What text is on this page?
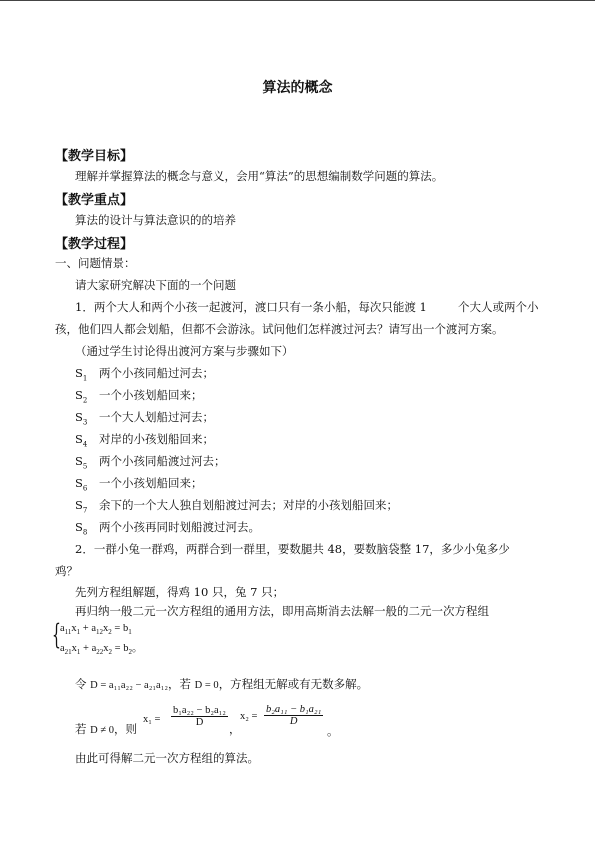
算法的概念
【教学目标】
理解并掌握算法的概念与意义，会用“算法”的思想编制数学问题的算法。
【教学重点】
算法的设计与算法意识的的培养
【教学过程】
一、问题情景：
请大家研究解决下面的一个问题
1．两个大人和两个小孩一起渡河，渡口只有一条小船，每次只能渡 1	个大人或两个小
孩，他们四人都会划船，但都不会游泳。试问他们怎样渡过河去？请写出一个渡河方案。
（通过学生讨论得出渡河方案与步骤如下）
$S_1$ 两个小孩同船过河去；
$S_2$ 一个小孩划船回来；
$S_3$ 一个大人划船过河去；
$S_4$ 对岸的小孩划船回来；
$S_5$ 两个小孩同船渡过河去；
$S_6$ 一个小孩划船回来；
$S_7$ 余下的一个大人独自划船渡过河去；对岸的小孩划船回来；
$S_8$ 两个小孩再同时划船渡过河去。
2．一群小兔一群鸡，两群合到一群里，要数腿共 48，要数脑袋整 17，多少小兔多少
鸡？
先列方程组解题，得鸡 10 只，兔 7 只；
再归纳一般二元一次方程组的通用方法，即用高斯消去法解一般的二元一次方程组
{ $a_{11}x_1 + a_{12}x_2 = b_1$
$a_{21}x_1 + a_{22}x_2 = b_2$。
令 D = a₁₁a₂₂ − a₂₁a₁₂，若 D = 0，方程组无解或有无数多解。
若 D ≠ 0，则
$x_1 = \frac{\text{b₁a₂₂ − b₂a₁₂}}{D}$
，
$x_2 = \frac{\text{b₂a₁₁ − b₁a₂₁}}{D}$
。
由此可得解二元一次方程组的算法。
